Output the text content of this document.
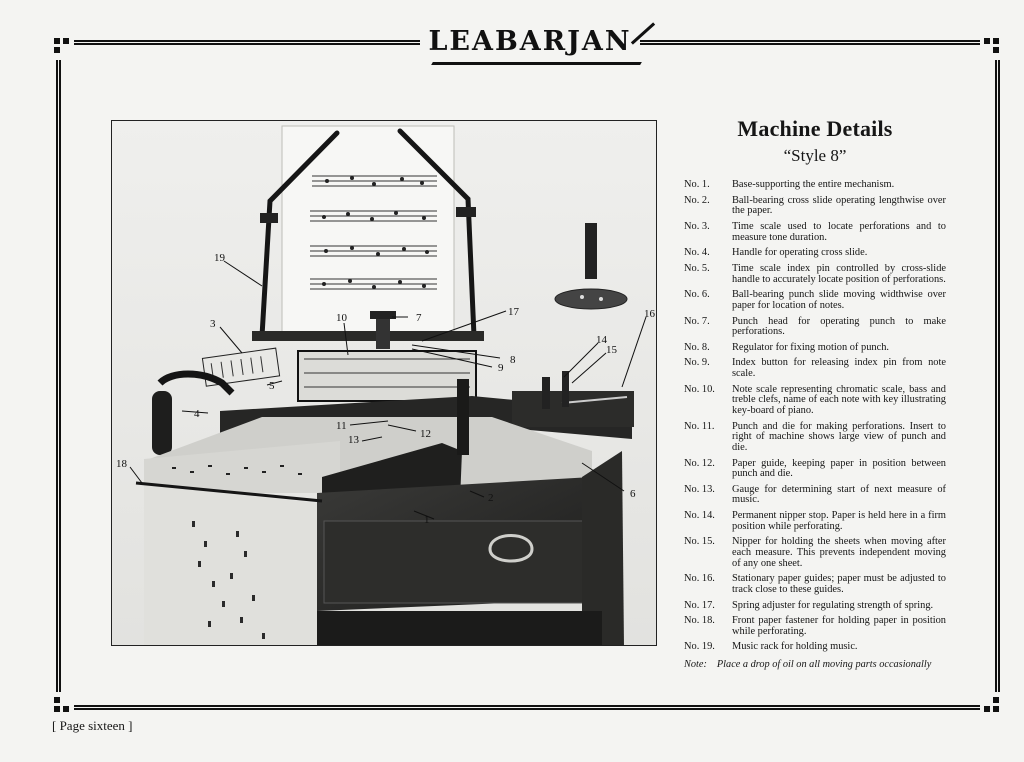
LEABARJAN
19
3
5
4
10	7	17
8
9
11
12
13
14
15
16
6
2
18
1
Machine Details
“Style 8”
No. 1.	Base-supporting the entire mechanism.
No. 2.	Ball-bearing cross slide operating lengthwise over the paper.
No. 3.	Time scale used to locate perforations and to measure tone duration.
No. 4.	Handle for operating cross slide.
No. 5.	Time scale index pin controlled by cross-slide handle to accurately locate position of perforations.
No. 6.	Ball-bearing punch slide moving widthwise over paper for location of notes.
No. 7.	Punch head for operating punch to make perforations.
No. 8.	Regulator for fixing motion of punch.
No. 9.	Index button for releasing index pin from note scale.
No. 10.	Note scale representing chromatic scale, bass and treble clefs, name of each note with key illustrating key-board of piano.
No. 11.	Punch and die for making perforations. Insert to right of machine shows large view of punch and die.
No. 12.	Paper guide, keeping paper in position between punch and die.
No. 13.	Gauge for determining start of next measure of music.
No. 14.	Permanent nipper stop. Paper is held here in a firm position while perforating.
No. 15.	Nipper for holding the sheets when moving after each measure. This prevents independent moving of any one sheet.
No. 16.	Stationary paper guides; paper must be adjusted to track close to these guides.
No. 17.	Spring adjuster for regulating strength of spring.
No. 18.	Front paper fastener for holding paper in position while perforating.
No. 19.	Music rack for holding music.
Note: Place a drop of oil on all moving parts occasionally
[ Page sixteen ]
